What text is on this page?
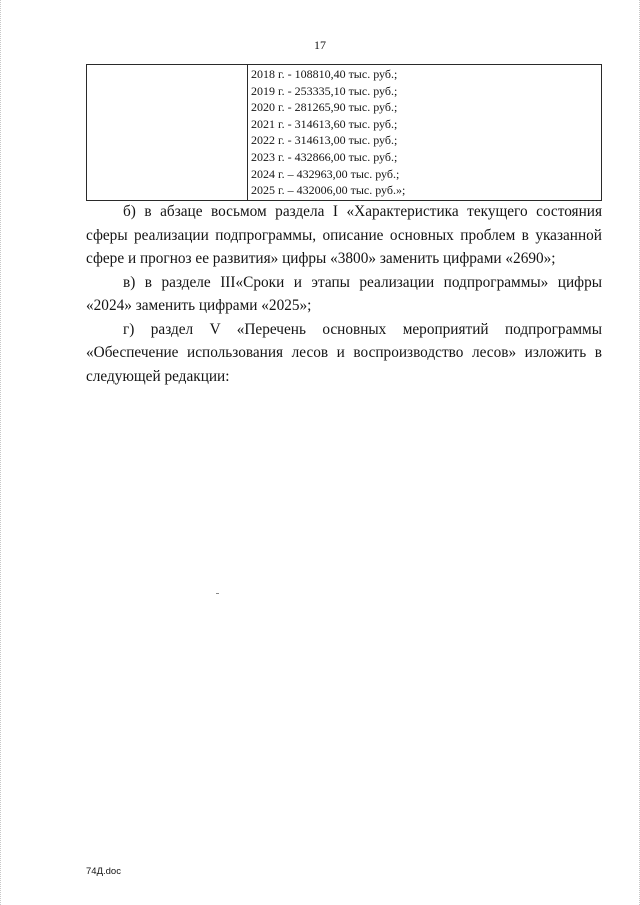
17
2018 г. - 108810,40 тыс. руб.;
2019 г. - 253335,10 тыс. руб.;
2020 г. - 281265,90 тыс. руб.;
2021 г. - 314613,60 тыс. руб.;
2022 г. - 314613,00 тыс. руб.;
2023 г. - 432866,00 тыс. руб.;
2024 г. – 432963,00 тыс. руб.;
2025 г. – 432006,00 тыс. руб.»;

б) в абзаце восьмом раздела I «Характеристика текущего состояния

сферы реализации подпрограммы, описание основных проблем в указанной сфере и прогноз ее развития» цифры «3800» заменить цифрами «2690»;

в) в разделе III«Сроки и этапы реализации подпрограммы» цифры

«2024» заменить цифрами «2025»;

г) раздел V «Перечень основных мероприятий подпрограммы

«Обеспечение использования лесов и воспроизводство лесов» изложить в следующей редакции:

74Д.doc
